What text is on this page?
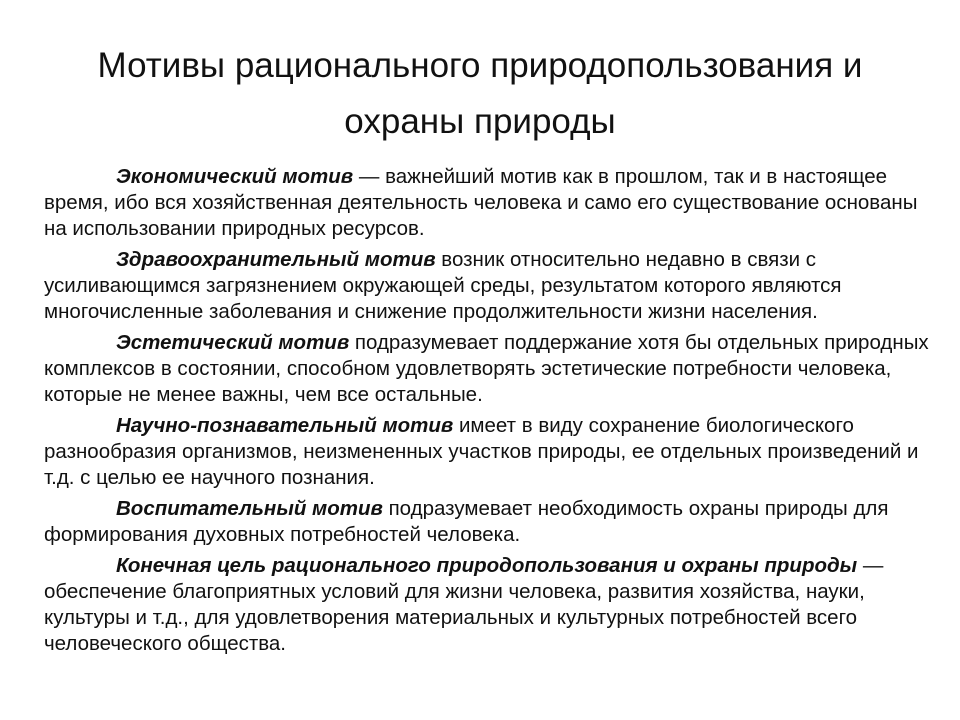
Мотивы рационального природопользования и охраны природы

Экономический мотив — важнейший мотив как в прошлом, так и в настоящее время, ибо вся хозяйственная деятельность человека и само его существование основаны на использовании природных ресурсов.

Здравоохранительный мотив возник относительно недавно в связи с усиливающимся загрязнением окружающей среды, результатом которого являются многочисленные заболевания и снижение продолжительности жизни населения.

Эстетический мотив подразумевает поддержание хотя бы отдельных природных комплексов в состоянии, способном удовлетворять эстетические потребности человека, которые не менее важны, чем все остальные.

Научно-познавательный мотив имеет в виду сохранение биологического разнообразия организмов, неизмененных участков природы, ее отдельных произведений и т.д. с целью ее научного познания.

Воспитательный мотив подразумевает необходимость охраны природы для формирования духовных потребностей человека.

Конечная цель рационального природопользования и охраны природы — обеспечение благоприятных условий для жизни человека, развития хозяйства, науки, культуры и т.д., для удовлетворения материальных и культурных потребностей всего человеческого общества.
